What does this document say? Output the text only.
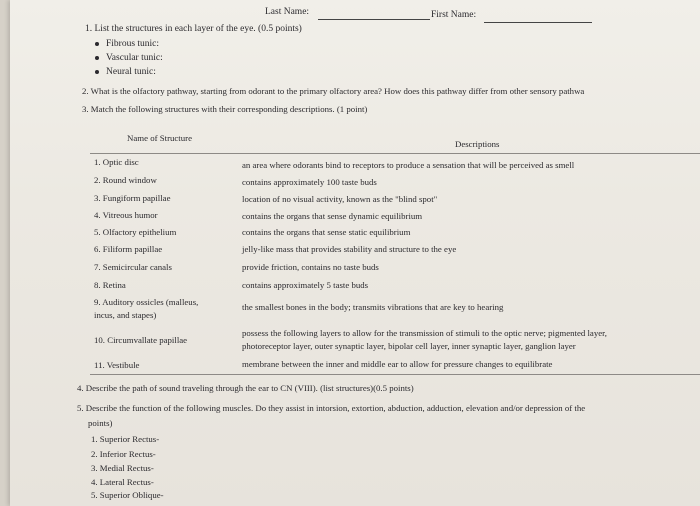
Last Name:	First Name:
1. List the structures in each layer of the eye. (0.5 points)
Fibrous tunic:
Vascular tunic:
Neural tunic:
2. What is the olfactory pathway, starting from odorant to the primary olfactory area? How does this pathway differ from other sensory pathwa
3. Match the following structures with their corresponding descriptions. (1 point)
Name of Structure
Descriptions
1. Optic disc
2. Round window
3. Fungiform papillae
4. Vitreous humor
5. Olfactory epithelium
6. Filiform papillae
7. Semicircular canals
8. Retina
9. Auditory ossicles (malleus,
incus, and stapes)
10. Circumvallate papillae
11. Vestibule
an area where odorants bind to receptors to produce a sensation that will be perceived as smell
contains approximately 100 taste buds
location of no visual activity, known as the "blind spot"
contains the organs that sense dynamic equilibrium
contains the organs that sense static equilibrium
jelly-like mass that provides stability and structure to the eye
provide friction, contains no taste buds
contains approximately 5 taste buds
the smallest bones in the body; transmits vibrations that are key to hearing
possess the following layers to allow for the transmission of stimuli to the optic nerve; pigmented layer,
photoreceptor layer, outer synaptic layer, bipolar cell layer, inner synaptic layer, ganglion layer
membrane between the inner and middle ear to allow for pressure changes to equilibrate
4. Describe the path of sound traveling through the ear to CN (VIII). (list structures)(0.5 points)
5. Describe the function of the following muscles. Do they assist in intorsion, extortion, abduction, adduction, elevation and/or depression of the
points)
1. Superior Rectus-
2. Inferior Rectus-
3. Medial Rectus-
4. Lateral Rectus-
5. Superior Oblique-
